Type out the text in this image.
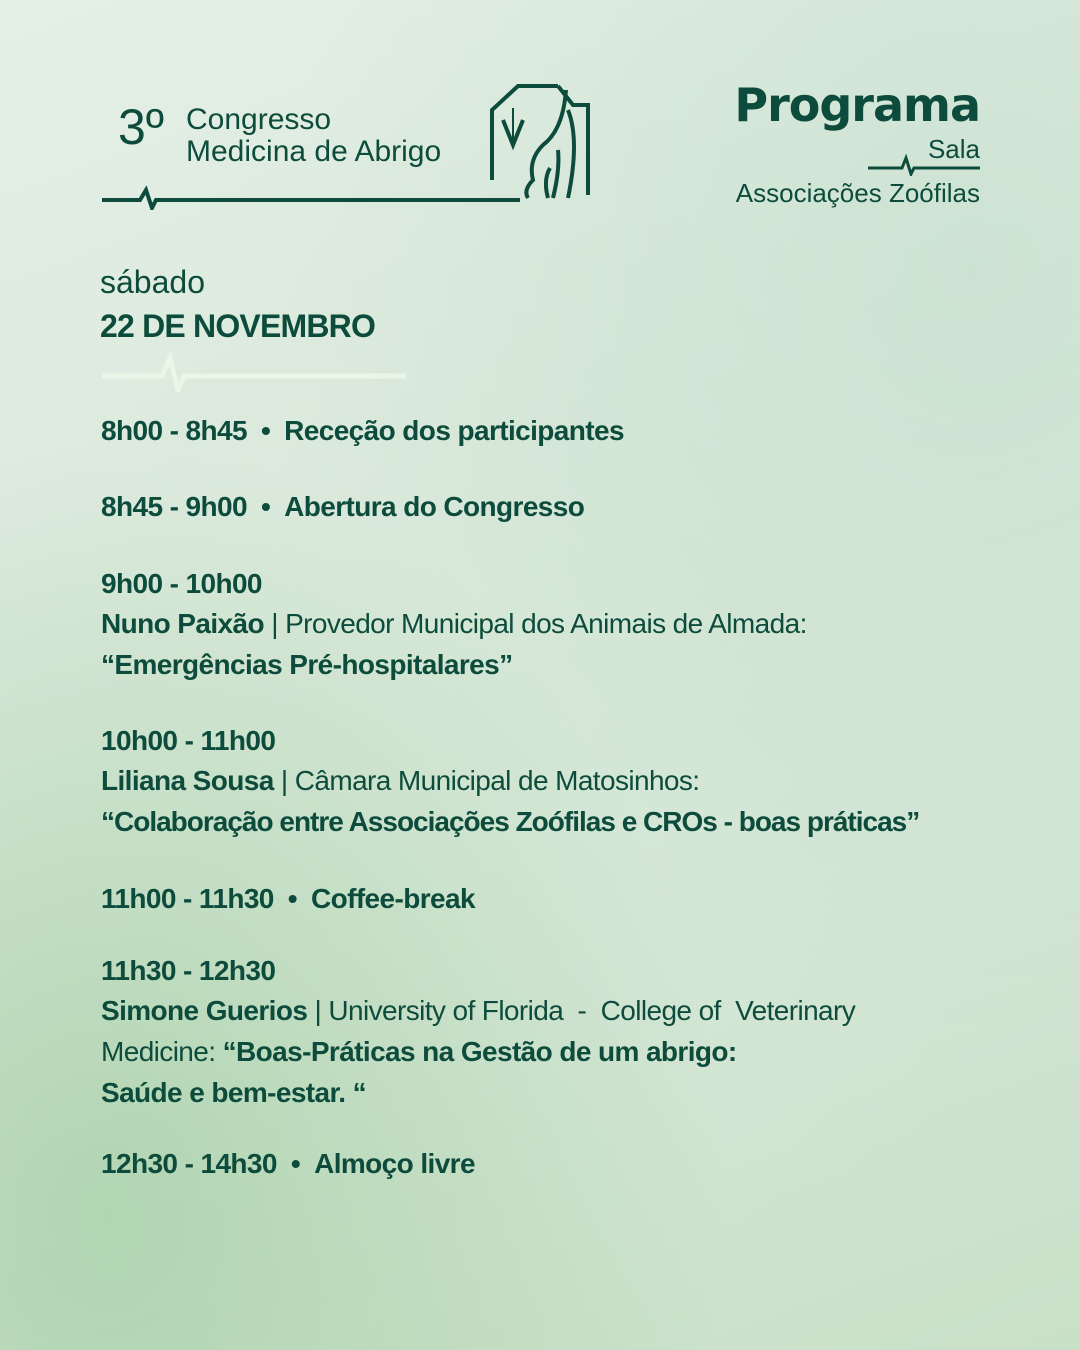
3º Congresso
Medicina de Abrigo
Programa
Sala
Associações Zoófilas
sábado
22 DE NOVEMBRO
8h00 - 8h45 • Receção dos participantes
8h45 - 9h00 • Abertura do Congresso
9h00 - 10h00
Nuno Paixão | Provedor Municipal dos Animais de Almada:
“Emergências Pré-hospitalares”
10h00 - 11h00
Liliana Sousa | Câmara Municipal de Matosinhos:
“Colaboração entre Associações Zoófilas e CROs - boas práticas”
11h00 - 11h30 • Coffee-break
11h30 - 12h30
Simone Guerios | University of Florida  -  College of  Veterinary
Medicine: “Boas-Práticas na Gestão de um abrigo:
Saúde e bem-estar. “
12h30 - 14h30 • Almoço livre
